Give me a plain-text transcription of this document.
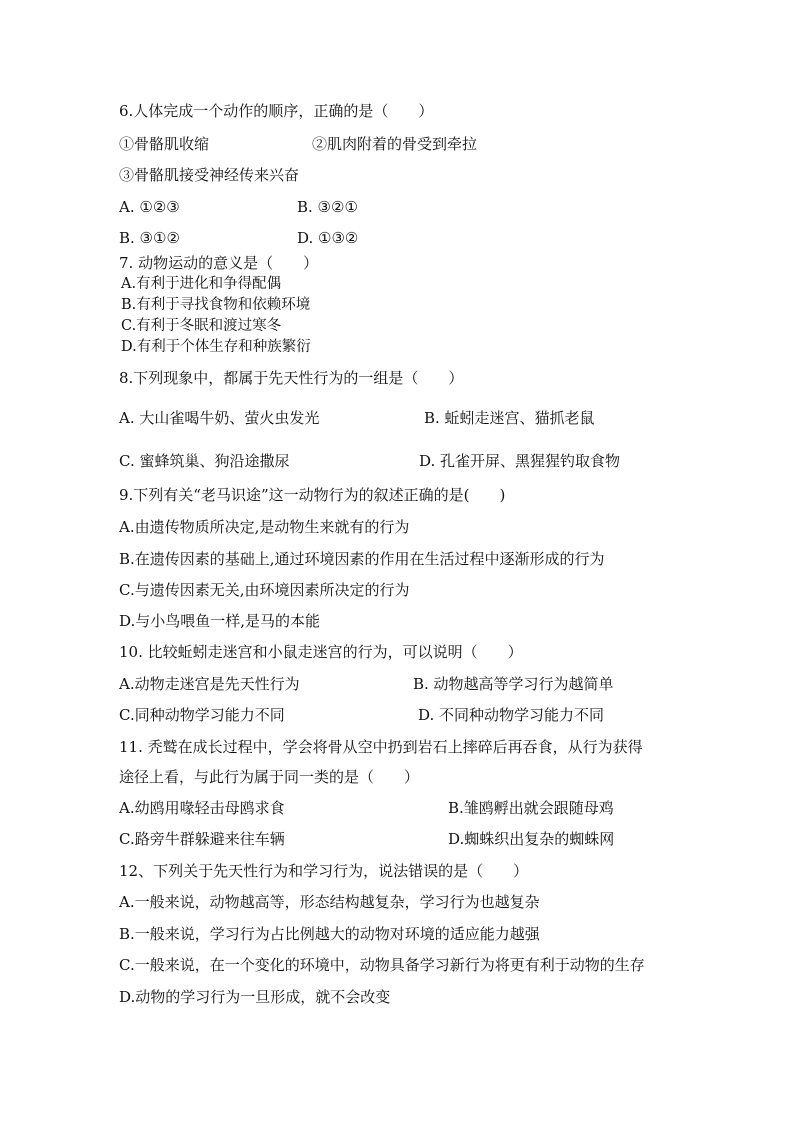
6.人体完成一个动作的顺序，正确的是（　　）
①骨骼肌收缩	②肌肉附着的骨受到牵拉
③骨骼肌接受神经传来兴奋
A. ①②③	B. ③②①
B. ③①②	D. ①③②
7. 动物运动的意义是（　　）
A.有利于进化和争得配偶
B.有利于寻找食物和依赖环境
C.有利于冬眠和渡过寒冬
D.有利于个体生存和种族繁衍
8.下列现象中，都属于先天性行为的一组是（　　）
A. 大山雀喝牛奶、萤火虫发光	B. 蚯蚓走迷宫、猫抓老鼠
C. 蜜蜂筑巢、狗沿途撒尿	D. 孔雀开屏、黑猩猩钓取食物
9.下列有关“老马识途”这一动物行为的叙述正确的是(　　)
A.由遗传物质所决定,是动物生来就有的行为
B.在遗传因素的基础上,通过环境因素的作用在生活过程中逐渐形成的行为
C.与遗传因素无关,由环境因素所决定的行为
D.与小鸟喂鱼一样,是马的本能
10. 比较蚯蚓走迷宫和小鼠走迷宫的行为，可以说明（　　）
A.动物走迷宫是先天性行为	B. 动物越高等学习行为越简单
C.同种动物学习能力不同	D. 不同种动物学习能力不同
11. 秃鹫在成长过程中，学会将骨从空中扔到岩石上摔碎后再吞食，从行为获得
途径上看，与此行为属于同一类的是（　　）
A.幼鸥用喙轻击母鸥求食	B.雏鸥孵出就会跟随母鸡
C.路旁牛群躲避来往车辆	D.蜘蛛织出复杂的蜘蛛网
12、下列关于先天性行为和学习行为，说法错误的是（　　）
A.一般来说，动物越高等，形态结构越复杂，学习行为也越复杂
B.一般来说，学习行为占比例越大的动物对环境的适应能力越强
C.一般来说，在一个变化的环境中，动物具备学习新行为将更有利于动物的生存
D.动物的学习行为一旦形成，就不会改变
